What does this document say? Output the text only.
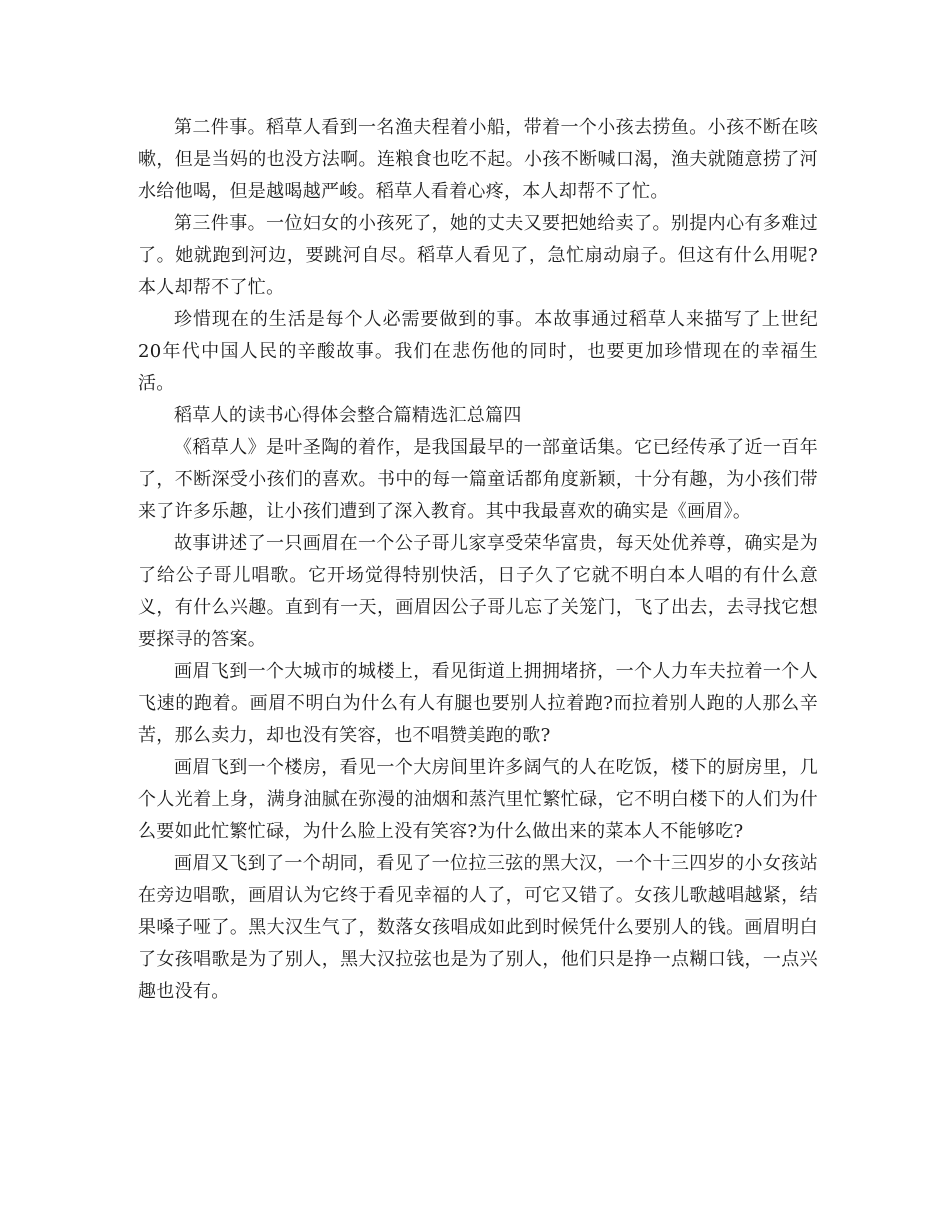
第二件事。稻草人看到一名渔夫程着小船，带着一个小孩去捞鱼。小孩不断在咳嗽，但是当妈的也没方法啊。连粮食也吃不起。小孩不断喊口渴，渔夫就随意捞了河水给他喝，但是越喝越严峻。稻草人看着心疼，本人却帮不了忙。

第三件事。一位妇女的小孩死了，她的丈夫又要把她给卖了。别提内心有多难过了。她就跑到河边，要跳河自尽。稻草人看见了，急忙扇动扇子。但这有什么用呢?本人却帮不了忙。

珍惜现在的生活是每个人必需要做到的事。本故事通过稻草人来描写了上世纪20年代中国人民的辛酸故事。我们在悲伤他的同时，也要更加珍惜现在的幸福生活。

稻草人的读书心得体会整合篇精选汇总篇四

《稻草人》是叶圣陶的着作，是我国最早的一部童话集。它已经传承了近一百年了，不断深受小孩们的喜欢。书中的每一篇童话都角度新颖，十分有趣，为小孩们带来了许多乐趣，让小孩们遭到了深入教育。其中我最喜欢的确实是《画眉》。

故事讲述了一只画眉在一个公子哥儿家享受荣华富贵，每天处优养尊，确实是为了给公子哥儿唱歌。它开场觉得特别快活，日子久了它就不明白本人唱的有什么意义，有什么兴趣。直到有一天，画眉因公子哥儿忘了关笼门，飞了出去，去寻找它想要探寻的答案。

画眉飞到一个大城市的城楼上，看见街道上拥拥堵挤，一个人力车夫拉着一个人飞速的跑着。画眉不明白为什么有人有腿也要别人拉着跑?而拉着别人跑的人那么辛苦，那么卖力，却也没有笑容，也不唱赞美跑的歌?

画眉飞到一个楼房，看见一个大房间里许多阔气的人在吃饭，楼下的厨房里，几个人光着上身，满身油腻在弥漫的油烟和蒸汽里忙繁忙碌，它不明白楼下的人们为什么要如此忙繁忙碌，为什么脸上没有笑容?为什么做出来的菜本人不能够吃?

画眉又飞到了一个胡同，看见了一位拉三弦的黑大汉，一个十三四岁的小女孩站在旁边唱歌，画眉认为它终于看见幸福的人了，可它又错了。女孩儿歌越唱越紧，结果嗓子哑了。黑大汉生气了，数落女孩唱成如此到时候凭什么要别人的钱。画眉明白了女孩唱歌是为了别人，黑大汉拉弦也是为了别人，他们只是挣一点糊口钱，一点兴趣也没有。
